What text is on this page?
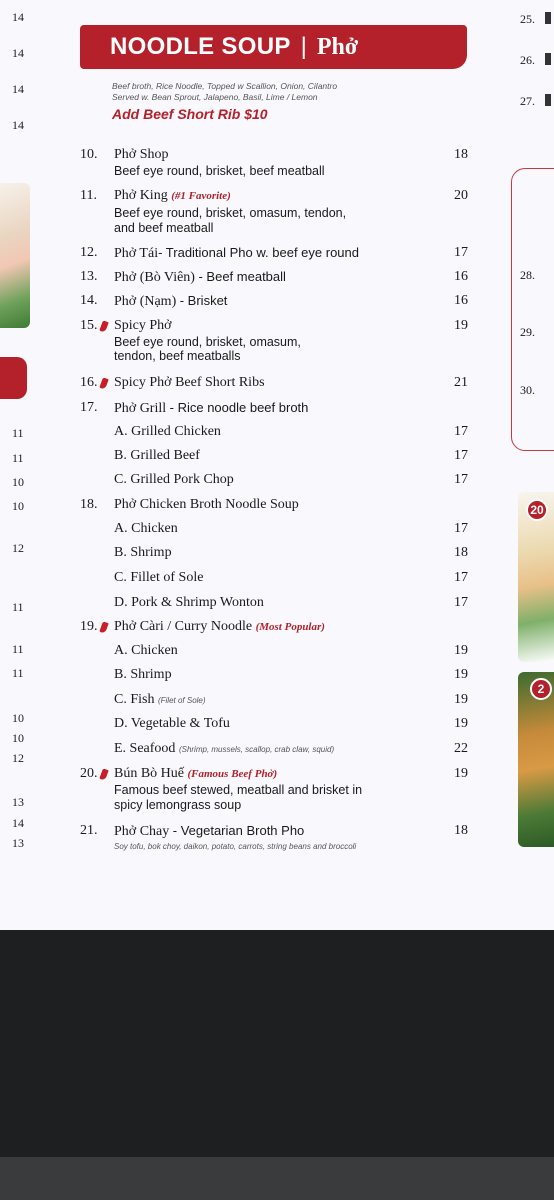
14
14
14
14
11
11
10
10
12
11
11
11
10
10
12
13
14
13
NOODLE SOUP | Phở
Beef broth, Rice Noodle, Topped w Scallion, Onion, Cilantro
Served w. Bean Sprout, Jalapeno, Basil, Lime / Lemon
Add Beef Short Rib $10
10. Phở Shop	18
Beef eye round, brisket, beef meatball
11. Phở King (#1 Favorite)	20
Beef eye round, brisket, omasum, tendon,
and beef meatball
12. Phở Tái- Traditional Pho w. beef eye round	17
13. Phở (Bò Viên) - Beef meatball	16
14. Phở (Nạm) - Brisket	16
15. Spicy Phở	19
Beef eye round, brisket, omasum,
tendon, beef meatballs
16. Spicy Phở Beef Short Ribs	21
17. Phở Grill - Rice noodle beef broth
A. Grilled Chicken	17
B. Grilled Beef	17
C. Grilled Pork Chop	17
18. Phở Chicken Broth Noodle Soup
A. Chicken	17
B. Shrimp	18
C. Fillet of Sole	17
D. Pork & Shrimp Wonton	17
19. Phở Càri / Curry Noodle (Most Popular)
A. Chicken	19
B. Shrimp	19
C. Fish (Filet of Sole)	19
D. Vegetable & Tofu	19
E. Seafood (Shrimp, mussels, scallop, crab claw, squid)	22
20. Bún Bò Huế (Famous Beef Phở)	19
Famous beef stewed, meatball and brisket in
spicy lemongrass soup
21. Phở Chay - Vegetarian Broth Pho	18
Soy tofu, bok choy, daikon, potato, carrots, string beans and broccoli
25.
26.
27.
28.
29.
30.
20
2
